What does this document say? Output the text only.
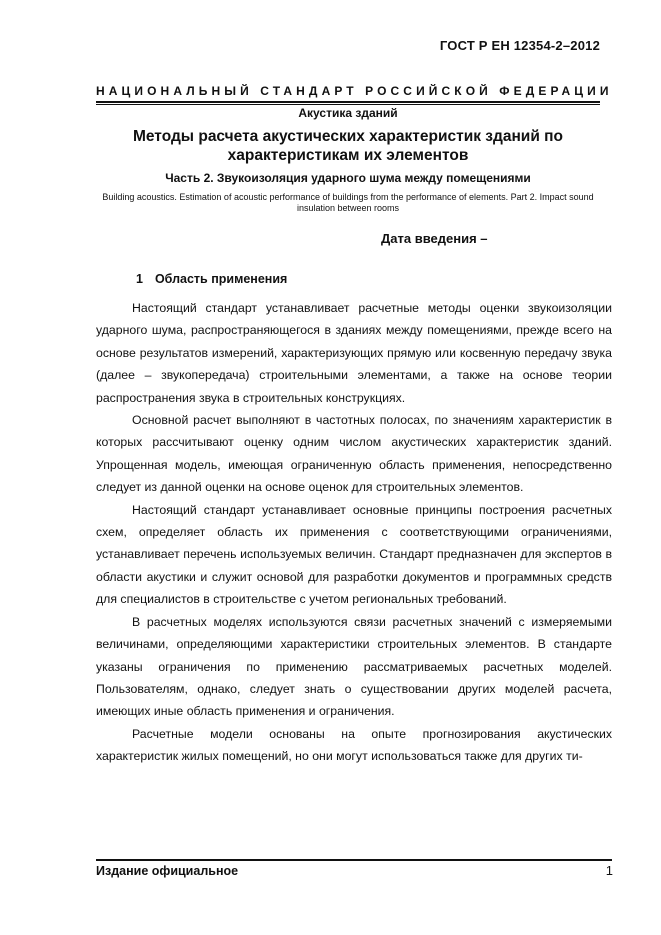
ГОСТ Р ЕН 12354-2–2012
НАЦИОНАЛЬНЫЙ СТАНДАРТ РОССИЙСКОЙ ФЕДЕРАЦИИ
Акустика зданий
Методы расчета акустических характеристик зданий по характеристикам их элементов
Часть 2. Звукоизоляция ударного шума между помещениями
Building acoustics. Estimation of acoustic performance of buildings from the performance of elements. Part 2. Impact sound insulation between rooms
Дата введения –
1 Область применения

Настоящий стандарт устанавливает расчетные методы оценки звукоизоляции ударного шума, распространяющегося в зданиях между помещениями, прежде всего на основе результатов измерений, характеризующих прямую или косвенную передачу звука (далее – звукопередача) строительными элементами, а также на основе теории распространения звука в строительных конструкциях.

Основной расчет выполняют в частотных полосах, по значениям характеристик в которых рассчитывают оценку одним числом акустических характеристик зданий. Упрощенная модель, имеющая ограниченную область применения, непосредственно следует из данной оценки на основе оценок для строительных элементов.

Настоящий стандарт устанавливает основные принципы построения расчетных схем, определяет область их применения с соответствующими ограничениями, устанавливает перечень используемых величин. Стандарт предназначен для экспертов в области акустики и служит основой для разработки документов и программных средств для специалистов в строительстве с учетом региональных требований.

В расчетных моделях используются связи расчетных значений с измеряемыми величинами, определяющими характеристики строительных элементов. В стандарте указаны ограничения по применению рассматриваемых расчетных моделей. Пользователям, однако, следует знать о существовании других моделей расчета, имеющих иные область применения и ограничения.

Расчетные модели основаны на опыте прогнозирования акустических характеристик жилых помещений, но они могут использоваться также для других ти-

Издание официальное	1
